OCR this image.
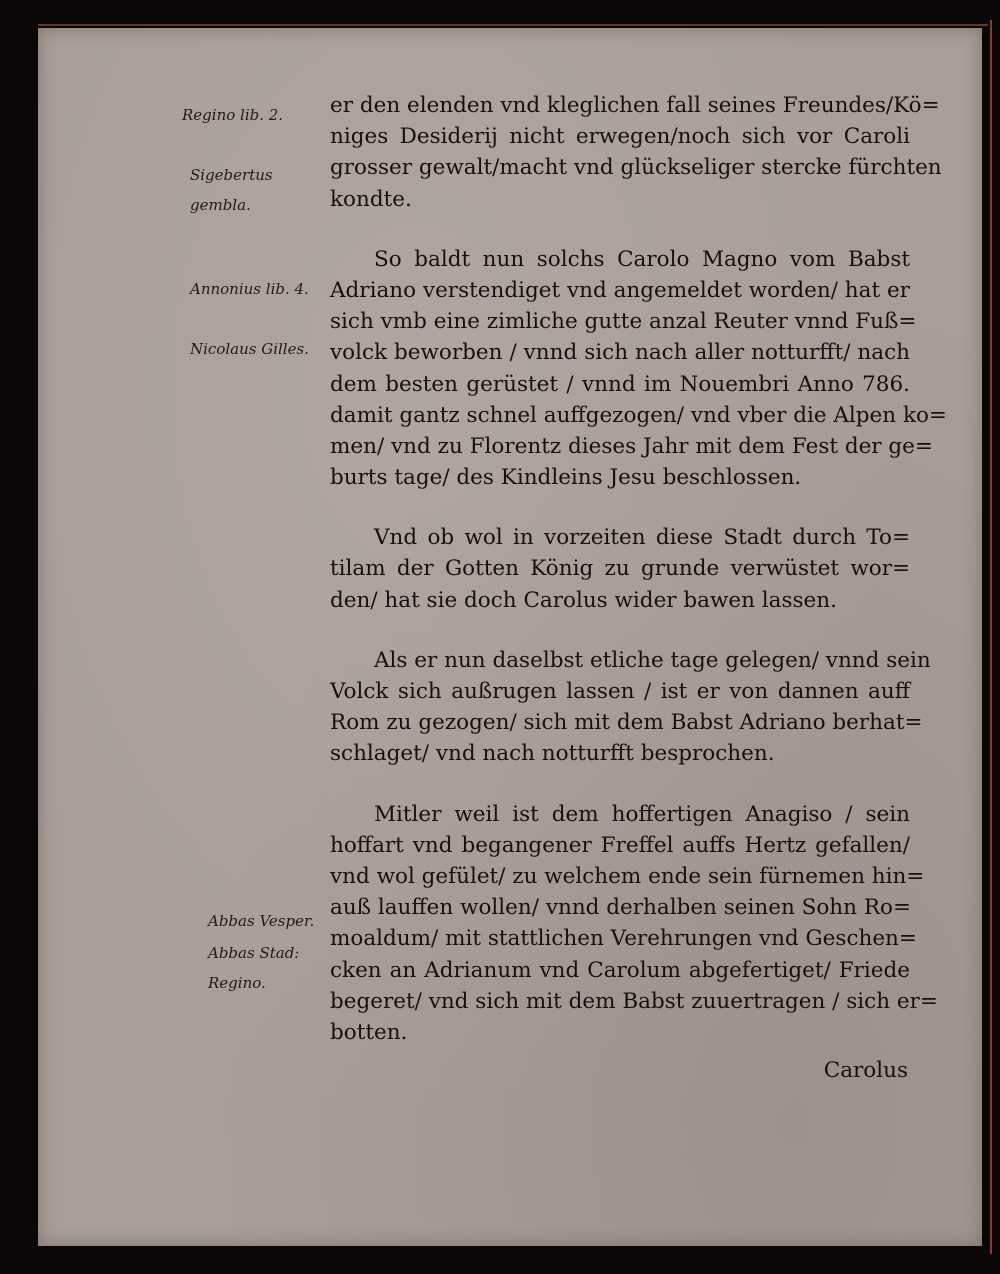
Regino lib. 2.
Sigebertus
gembla.
Annonius lib. 4.
Nicolaus Gilles.
Abbas Vesper.
Abbas Stad:
Regino.
er den elenden vnd kleglichen fall seines Freundes/Kö=
niges Desiderij nicht erwegen/noch sich vor Caroli
grosser gewalt/macht vnd glückseliger stercke fürchten
kondte.
So baldt nun solchs Carolo Magno vom Babst
Adriano verstendiget vnd angemeldet worden/ hat er
sich vmb eine zimliche gutte anzal Reuter vnnd Fuß=
volck beworben / vnnd sich nach aller notturfft/ nach
dem besten gerüstet / vnnd im Nouembri Anno 786.
damit gantz schnel auffgezogen/ vnd vber die Alpen ko=
men/ vnd zu Florentz dieses Jahr mit dem Fest der ge=
burts tage/ des Kindleins Jesu beschlossen.
Vnd ob wol in vorzeiten diese Stadt durch To=
tilam der Gotten König zu grunde verwüstet wor=
den/ hat sie doch Carolus wider bawen lassen.
Als er nun daselbst etliche tage gelegen/ vnnd sein
Volck sich außrugen lassen / ist er von dannen auff
Rom zu gezogen/ sich mit dem Babst Adriano berhat=
schlaget/ vnd nach notturfft besprochen.
Mitler weil ist dem hoffertigen Anagiso / sein
hoffart vnd begangener Freffel auffs Hertz gefallen/
vnd wol gefület/ zu welchem ende sein fürnemen hin=
auß lauffen wollen/ vnnd derhalben seinen Sohn Ro=
moaldum/ mit stattlichen Verehrungen vnd Geschen=
cken an Adrianum vnd Carolum abgefertiget/ Friede
begeret/ vnd sich mit dem Babst zuuertragen / sich er=
botten.
Carolus
